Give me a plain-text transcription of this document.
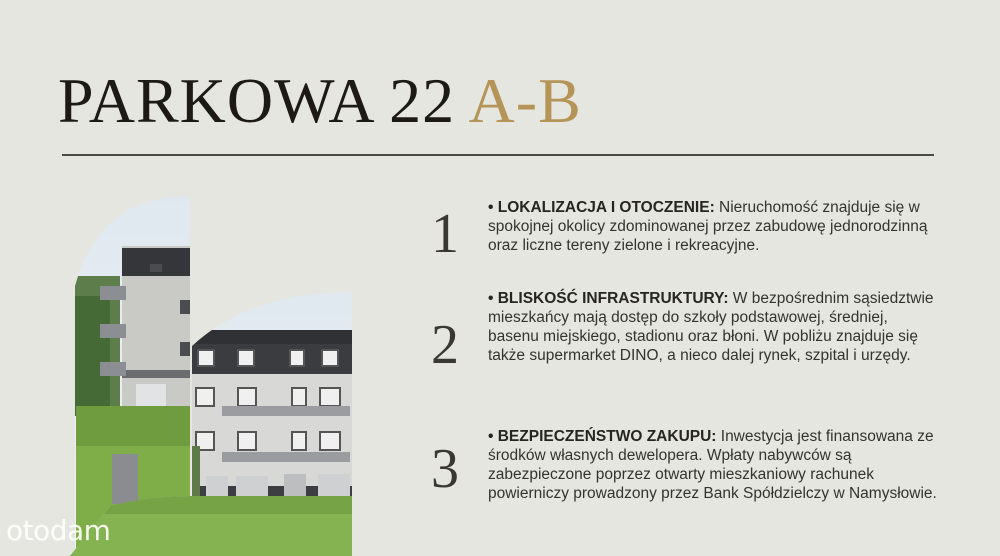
PARKOWA 22 A-B
1	• LOKALIZACJA I OTOCZENIE: Nieruchomość znajduje się w spokojnej okolicy zdominowanej przez zabudowę jednorodzinną oraz liczne tereny zielone i rekreacyjne.
2
• BLISKOŚĆ INFRASTRUKTURY: W bezpośrednim sąsiedztwie mieszkańcy mają dostęp do szkoły podstawowej, średniej, basenu miejskiego, stadionu oraz błoni. W pobliżu znajduje się także supermarket DINO, a nieco dalej rynek, szpital i urzędy.
3
• BEZPIECZEŃSTWO ZAKUPU: Inwestycja jest finansowana ze środków własnych dewelopera. Wpłaty nabywców są zabezpieczone poprzez otwarty mieszkaniowy rachunek powierniczy prowadzony przez Bank Spółdzielczy w Namysłowie.
otodam
